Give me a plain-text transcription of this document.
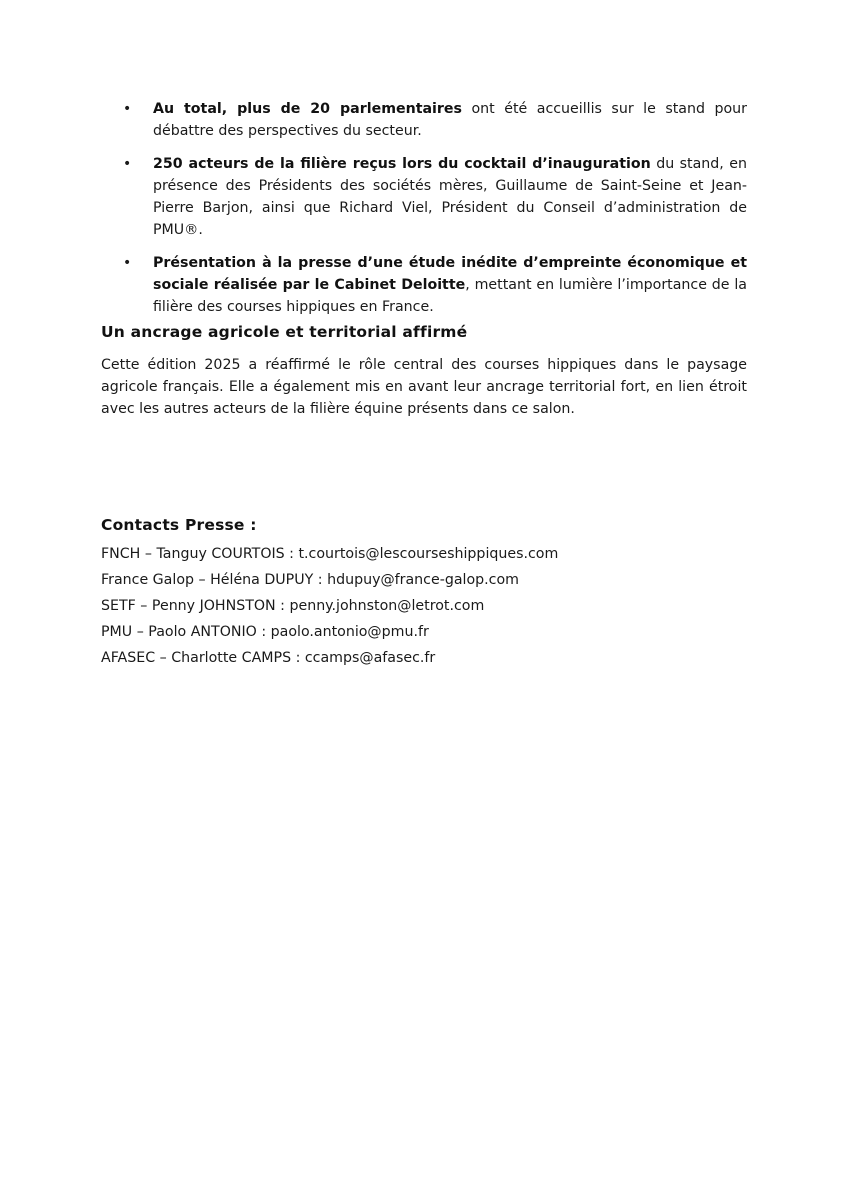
• Au total, plus de 20 parlementaires ont été accueillis sur le stand pour débattre des perspectives du secteur.
• 250 acteurs de la filière reçus lors du cocktail d’inauguration du stand, en présence des Présidents des sociétés mères, Guillaume de Saint-Seine et Jean-Pierre Barjon, ainsi que Richard Viel, Président du Conseil d’administration de PMU®.
• Présentation à la presse d’une étude inédite d’empreinte économique et sociale réalisée par le Cabinet Deloitte, mettant en lumière l’importance de la filière des courses hippiques en France.
Un ancrage agricole et territorial affirmé

Cette édition 2025 a réaffirmé le rôle central des courses hippiques dans le paysage agricole français. Elle a également mis en avant leur ancrage territorial fort, en lien étroit avec les autres acteurs de la filière équine présents dans ce salon.

Contacts Presse :
FNCH – Tanguy COURTOIS : t.courtois@lescourseshippiques.com
France Galop – Héléna DUPUY : hdupuy@france-galop.com
SETF – Penny JOHNSTON : penny.johnston@letrot.com
PMU – Paolo ANTONIO : paolo.antonio@pmu.fr
AFASEC – Charlotte CAMPS : ccamps@afasec.fr
